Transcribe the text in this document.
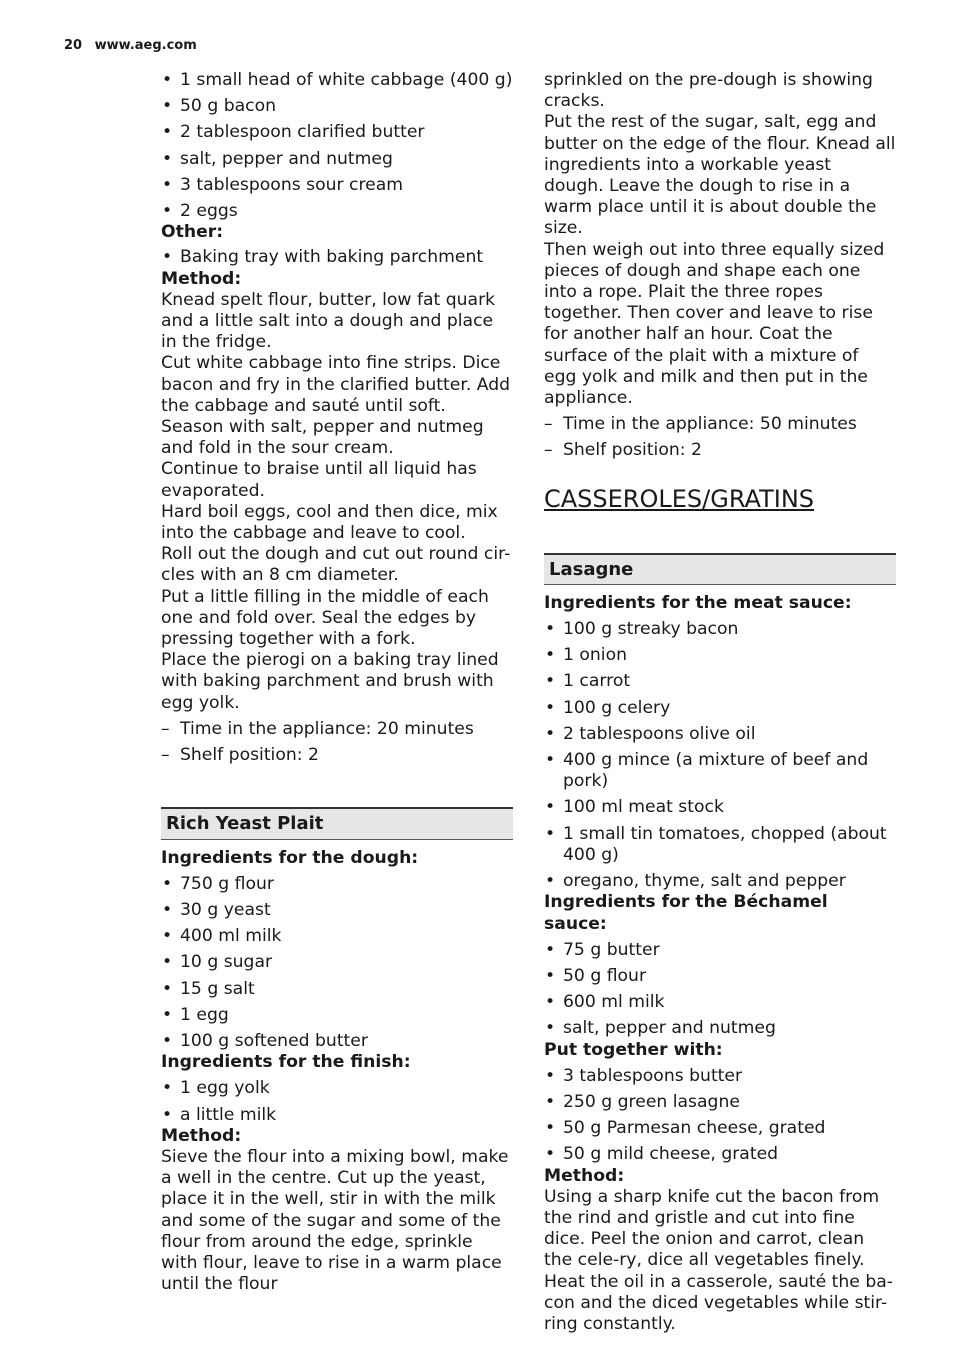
20 www.aeg.com
• 1 small head of white cabbage (400 g)
• 50 g bacon
• 2 tablespoon clarified butter
• salt, pepper and nutmeg
• 3 tablespoons sour cream
• 2 eggs

Other:

• Baking tray with baking parchment

Method:

Knead spelt flour, butter, low fat quark and a little salt into a dough and place in the fridge.

Cut white cabbage into fine strips. Dice bacon and fry in the clarified butter. Add the cabbage and sauté until soft. Season with salt, pepper and nutmeg and fold in the sour cream.

Continue to braise until all liquid has evaporated.

Hard boil eggs, cool and then dice, mix into the cabbage and leave to cool.

Roll out the dough and cut out round cir-cles with an 8 cm diameter.

Put a little filling in the middle of each one and fold over. Seal the edges by pressing together with a fork.

Place the pierogi on a baking tray lined with baking parchment and brush with egg yolk.

– Time in the appliance: 20 minutes
– Shelf position: 2
Rich Yeast Plait

Ingredients for the dough:

• 750 g flour
• 30 g yeast
• 400 ml milk
• 10 g sugar
• 15 g salt
• 1 egg
• 100 g softened butter

Ingredients for the finish:

• 1 egg yolk
• a little milk

Method:

Sieve the flour into a mixing bowl, make a well in the centre. Cut up the yeast, place it in the well, stir in with the milk and some of the sugar and some of the flour from around the edge, sprinkle with flour, leave to rise in a warm place until the flour

sprinkled on the pre-dough is showing cracks.

Put the rest of the sugar, salt, egg and butter on the edge of the flour. Knead all ingredients into a workable yeast dough. Leave the dough to rise in a warm place until it is about double the size.

Then weigh out into three equally sized pieces of dough and shape each one into a rope. Plait the three ropes together. Then cover and leave to rise for another half an hour. Coat the surface of the plait with a mixture of egg yolk and milk and then put in the appliance.

– Time in the appliance: 50 minutes
– Shelf position: 2

CASSEROLES/GRATINS

Lasagne

Ingredients for the meat sauce:

• 100 g streaky bacon
• 1 onion
• 1 carrot
• 100 g celery
• 2 tablespoons olive oil
• 400 g mince (a mixture of beef and pork)
• 100 ml meat stock
• 1 small tin tomatoes, chopped (about 400 g)
• oregano, thyme, salt and pepper

Ingredients for the Béchamel sauce:

• 75 g butter
• 50 g flour
• 600 ml milk
• salt, pepper and nutmeg

Put together with:

• 3 tablespoons butter
• 250 g green lasagne
• 50 g Parmesan cheese, grated
• 50 g mild cheese, grated

Method:

Using a sharp knife cut the bacon from the rind and gristle and cut into fine dice. Peel the onion and carrot, clean the cele-ry, dice all vegetables finely.

Heat the oil in a casserole, sauté the ba-con and the diced vegetables while stir-ring constantly.
